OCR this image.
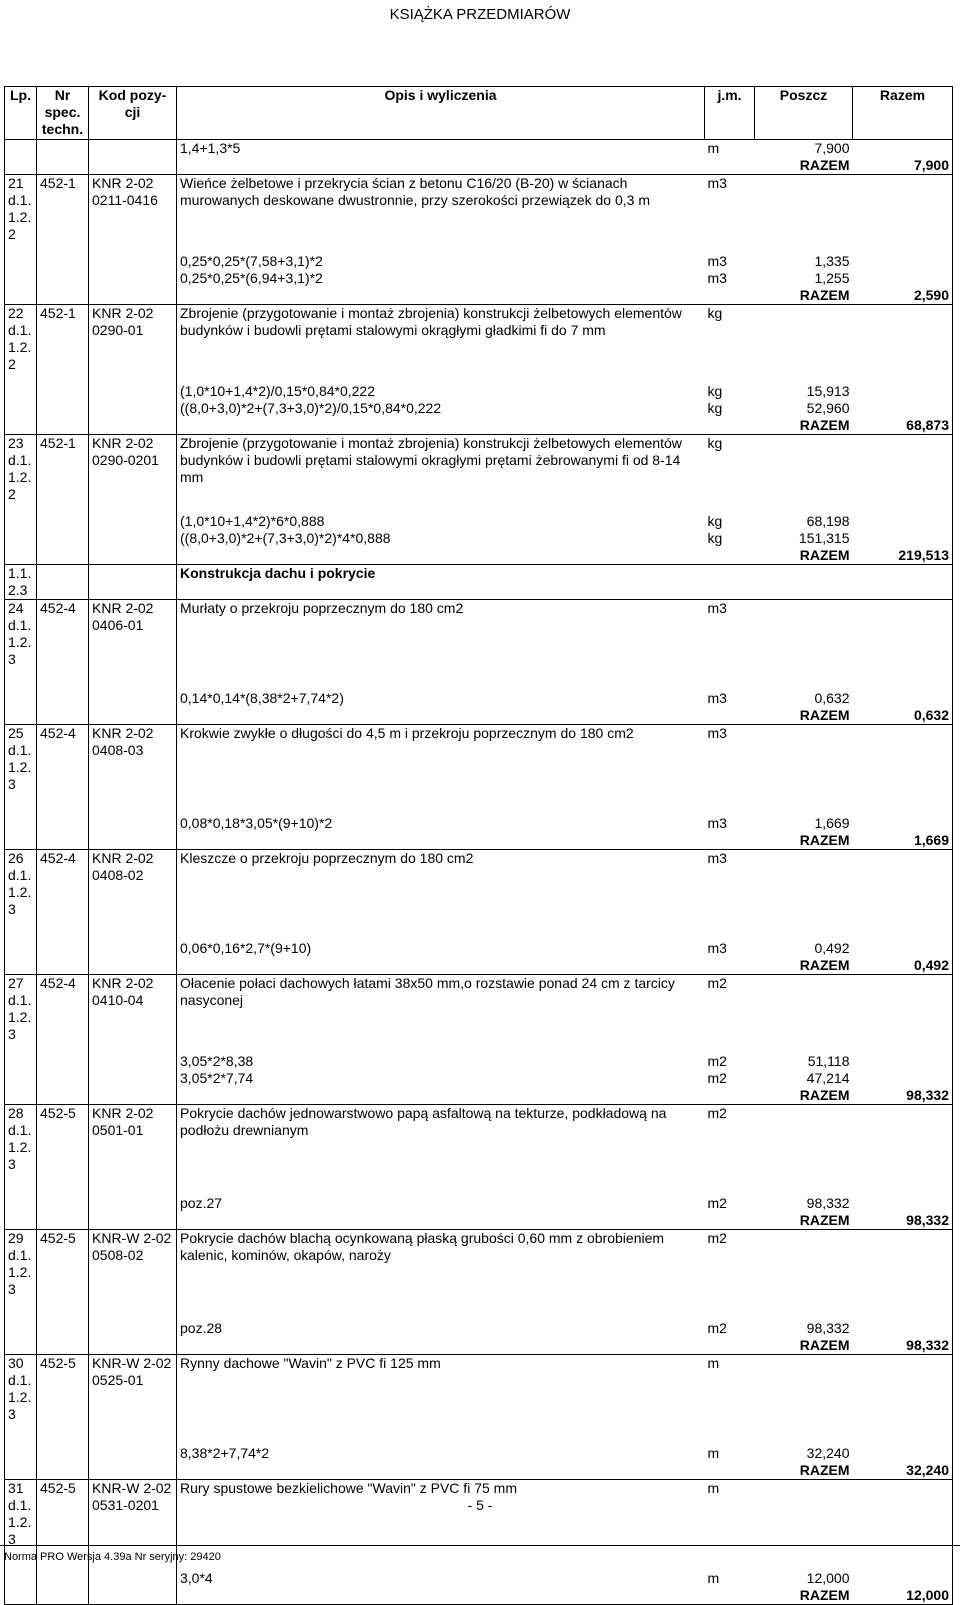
KSIĄŻKA PRZEDMIARÓW
Lp.	Nr spec. techn.	Kod pozy-cji	Opis i wyliczenia	j.m.	Poszcz	Razem
			1,4+1,3*5	m	7,900	
					RAZEM	7,900
21 d.1. 1.2. 2	452-1	KNR 2-02 0211-0416	Wieńce żelbetowe i przekrycia ścian z betonu C16/20 (B-20) w ścianach murowanych deskowane dwustronnie, przy szerokości przewiązek do 0,3 m	m3		

			0,25*0,25*(7,58+3,1)*2	m3	1,335	
			0,25*0,25*(6,94+3,1)*2	m3	1,255	
					RAZEM	2,590
22 d.1. 1.2. 2	452-1	KNR 2-02 0290-01	Zbrojenie (przygotowanie i montaż zbrojenia) konstrukcji żelbetowych elementów budynków i budowli prętami stalowymi okrągłymi gładkimi fi do 7 mm	kg		

			(1,0*10+1,4*2)/0,15*0,84*0,222	kg	15,913	
			((8,0+3,0)*2+(7,3+3,0)*2)/0,15*0,84*0,222	kg	52,960	
					RAZEM	68,873
23 d.1. 1.2. 2	452-1	KNR 2-02 0290-0201	Zbrojenie (przygotowanie i montaż zbrojenia) konstrukcji żelbetowych elementów budynków i budowli prętami stalowymi okragłymi prętami żebrowanymi fi od 8-14 mm	kg		

			(1,0*10+1,4*2)*6*0,888	kg	68,198	
			((8,0+3,0)*2+(7,3+3,0)*2)*4*0,888	kg	151,315	
					RAZEM	219,513
1.1. 2.3			Konstrukcja dachu i pokrycie			
24 d.1. 1.2. 3	452-4	KNR 2-02 0406-01	Murłaty o przekroju poprzecznym do 180 cm2	m3		

			0,14*0,14*(8,38*2+7,74*2)	m3	0,632	
					RAZEM	0,632
25 d.1. 1.2. 3	452-4	KNR 2-02 0408-03	Krokwie zwykłe o długości do 4,5 m i przekroju poprzecznym do 180 cm2	m3		

			0,08*0,18*3,05*(9+10)*2	m3	1,669	
					RAZEM	1,669
26 d.1. 1.2. 3	452-4	KNR 2-02 0408-02	Kleszcze o przekroju poprzecznym do 180 cm2	m3		

			0,06*0,16*2,7*(9+10)	m3	0,492	
					RAZEM	0,492
27 d.1. 1.2. 3	452-4	KNR 2-02 0410-04	Ołacenie połaci dachowych łatami 38x50 mm,o rozstawie ponad 24 cm z tarcicy nasyconej	m2		

			3,05*2*8,38	m2	51,118	
			3,05*2*7,74	m2	47,214	
					RAZEM	98,332
28 d.1. 1.2. 3	452-5	KNR 2-02 0501-01	Pokrycie dachów jednowarstwowo papą asfaltową na tekturze, podkładową na podłożu drewnianym	m2		

			poz.27	m2	98,332	
					RAZEM	98,332
29 d.1. 1.2. 3	452-5	KNR-W 2-02 0508-02	Pokrycie dachów blachą ocynkowaną płaską grubości 0,60 mm z obrobieniem kalenic, kominów, okapów, naroży	m2		

			poz.28	m2	98,332	
					RAZEM	98,332
30 d.1. 1.2. 3	452-5	KNR-W 2-02 0525-01	Rynny dachowe "Wavin" z PVC fi 125 mm	m		

			8,38*2+7,74*2	m	32,240	
					RAZEM	32,240
31 d.1. 1.2. 3	452-5	KNR-W 2-02 0531-0201	Rury spustowe bezkielichowe "Wavin" z PVC fi 75 mm	m		

			3,0*4	m	12,000	
					RAZEM	12,000
- 5 -
Norma PRO Wersja 4.39a Nr seryjny: 29420
